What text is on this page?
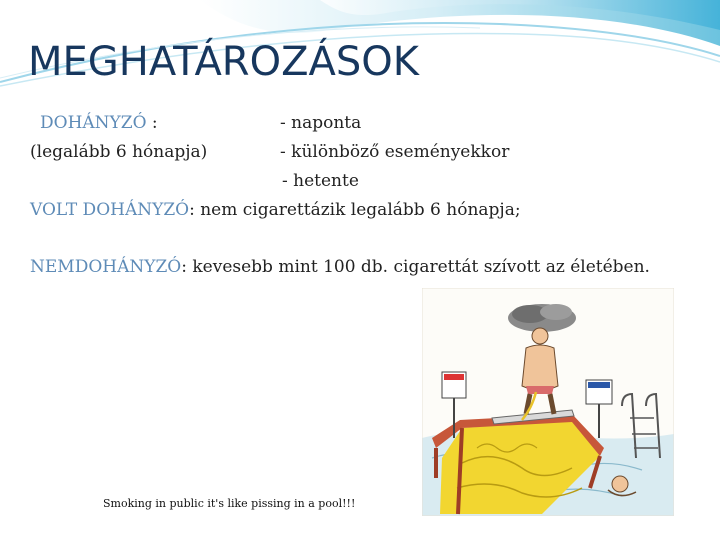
MEGHATÁROZÁSOK
DOHÁNYZÓ :
(legalább 6 hónapja)
- naponta
- különböző eseményekkor
- hetente
VOLT DOHÁNYZÓ: nem cigarettázik legalább 6 hónapja;
NEMDOHÁNYZÓ: kevesebb mint 100 db. cigarettát szívott az életében.
Smoking in public it's like pissing in a pool!!!
